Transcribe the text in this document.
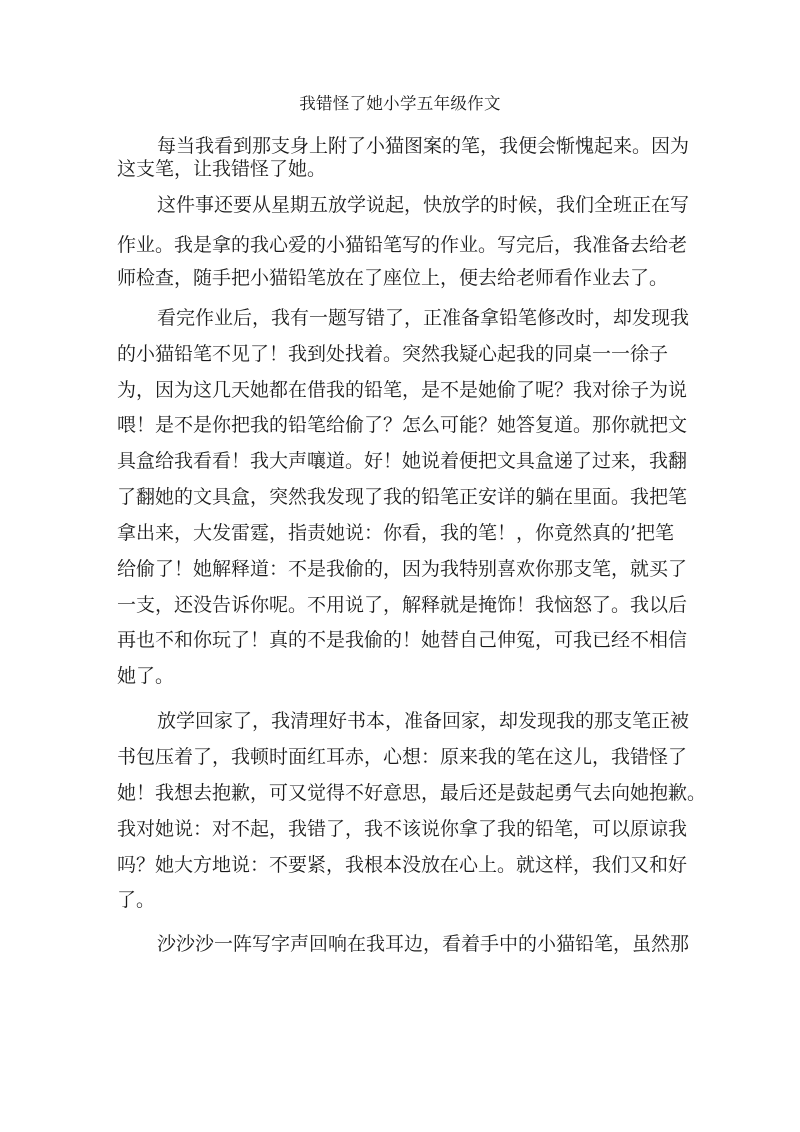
我错怪了她小学五年级作文
每当我看到那支身上附了小猫图案的笔，我便会惭愧起来。因为
这支笔，让我错怪了她。
这件事还要从星期五放学说起，快放学的时候，我们全班正在写
作业。我是拿的我心爱的小猫铅笔写的作业。写完后，我准备去给老
师检查，随手把小猫铅笔放在了座位上，便去给老师看作业去了。
看完作业后，我有一题写错了，正准备拿铅笔修改时，却发现我
的小猫铅笔不见了！我到处找着。突然我疑心起我的同桌一一徐子
为，因为这几天她都在借我的铅笔，是不是她偷了呢？我对徐子为说
喂！是不是你把我的铅笔给偷了？怎么可能？她答复道。那你就把文
具盒给我看看！我大声嚷道。好！她说着便把文具盒递了过来，我翻
了翻她的文具盒，突然我发现了我的铅笔正安详的躺在里面。我把笔
拿出来，大发雷霆，指责她说：你看，我的笔！，你竟然真的’把笔
给偷了！她解释道：不是我偷的，因为我特别喜欢你那支笔，就买了
一支，还没告诉你呢。不用说了，解释就是掩饰！我恼怒了。我以后
再也不和你玩了！真的不是我偷的！她替自己伸冤，可我已经不相信
她了。
放学回家了，我清理好书本，准备回家，却发现我的那支笔正被
书包压着了，我顿时面红耳赤，心想：原来我的笔在这儿，我错怪了
她！我想去抱歉，可又觉得不好意思，最后还是鼓起勇气去向她抱歉。
我对她说：对不起，我错了，我不该说你拿了我的铅笔，可以原谅我
吗？她大方地说：不要紧，我根本没放在心上。就这样，我们又和好
了。
沙沙沙一阵写字声回响在我耳边，看着手中的小猫铅笔，虽然那
